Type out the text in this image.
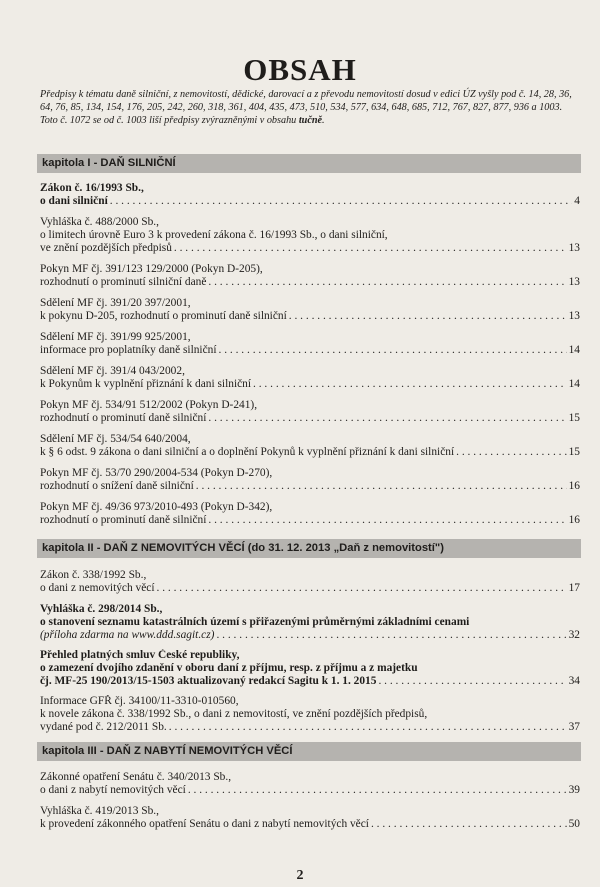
OBSAH
Předpisy k tématu daně silniční, z nemovitostí, dědické, darovací a z převodu nemovitostí dosud v edici ÚZ vyšly pod č. 14, 28, 36, 64, 76, 85, 134, 154, 176, 205, 242, 260, 318, 361, 404, 435, 473, 510, 534, 577, 634, 648, 685, 712, 767, 827, 877, 936 a 1003. Toto č. 1072 se od č. 1003 liší předpisy zvýrazněnými v obsahu tučně.
kapitola I - DAŇ SILNIČNÍ
Zákon č. 16/1993 Sb.,
o dani silniční . . .	4
Vyhláška č. 488/2000 Sb.,
o limitech úrovně Euro 3 k provedení zákona č. 16/1993 Sb., o dani silniční,
ve znění pozdějších předpisů . . .	13
Pokyn MF čj. 391/123 129/2000 (Pokyn D-205),
rozhodnutí o prominutí silniční daně . . .	13
Sdělení MF čj. 391/20 397/2001,
k pokynu D-205, rozhodnutí o prominutí daně silniční . . .	13
Sdělení MF čj. 391/99 925/2001,
informace pro poplatníky daně silniční . . .	14
Sdělení MF čj. 391/4 043/2002,
k Pokynům k vyplnění přiznání k dani silniční . . .	14
Pokyn MF čj. 534/91 512/2002 (Pokyn D-241),
rozhodnutí o prominutí daně silniční . . .	15
Sdělení MF čj. 534/54 640/2004,
k § 6 odst. 9 zákona o dani silniční a o doplnění Pokynů k vyplnění přiznání k dani silniční . . .	15
Pokyn MF čj. 53/70 290/2004-534 (Pokyn D-270),
rozhodnutí o snížení daně silniční . . .	16
Pokyn MF čj. 49/36 973/2010-493 (Pokyn D-342),
rozhodnutí o prominutí daně silniční . . .	16
kapitola II - DAŇ Z NEMOVITÝCH VĚCÍ (do 31. 12. 2013 „Daň z nemovitostí")
Zákon č. 338/1992 Sb.,
o dani z nemovitých věcí . . .	17
Vyhláška č. 298/2014 Sb.,
o stanovení seznamu katastrálních území s přiřazenými průměrnými základními cenami
(příloha zdarma na www.ddd.sagit.cz) . . .	32
Přehled platných smluv České republiky,
o zamezení dvojího zdanění v oboru daní z příjmu, resp. z příjmu a z majetku
čj. MF-25 190/2013/15-1503 aktualizovaný redakcí Sagitu k 1. 1. 2015 . . .	34
Informace GFŘ čj. 34100/11-3310-010560,
k novele zákona č. 338/1992 Sb., o dani z nemovitostí, ve znění pozdějších předpisů,
vydané pod č. 212/2011 Sb. . . .	37
kapitola III - DAŇ Z NABYTÍ NEMOVITÝCH VĚCÍ
Zákonné opatření Senátu č. 340/2013 Sb.,
o dani z nabytí nemovitých věcí . . .	39
Vyhláška č. 419/2013 Sb.,
k provedení zákonného opatření Senátu o dani z nabytí nemovitých věcí . . .	50
2
